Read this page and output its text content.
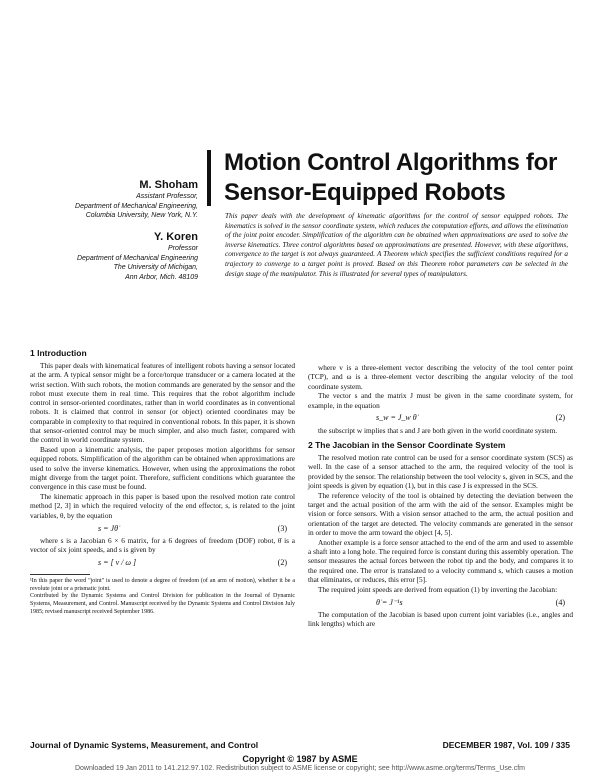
Motion Control Algorithms for
Sensor-Equipped Robots
M. Shoham
Assistant Professor,
Department of Mechanical Engineering,
Columbia University, New York, N.Y.
Y. Koren
Professor
Department of Mechanical Engineering
The University of Michigan,
Ann Arbor, Mich. 48109
This paper deals with the development of kinematic algorithms for the control of sensor equipped robots. The kinematics is solved in the sensor coordinate system, which reduces the computation efforts, and allows the elimination of the joint point encoder. Simplification of the algorithm can be obtained when approximations are used to solve the inverse kinematics. Three control algorithms based on approximations are presented. However, with these algorithms, convergence to the target is not always guaranteed. A Theorem which specifies the sufficient conditions required for a trajectory to converge to a target point is proved. Based on this Theorem robot parameters can be selected in the design stage of the manipulator. This is illustrated for several types of manipulators.
1 Introduction

This paper deals with kinematical features of intelligent robots having a sensor located at the arm. A typical sensor might be a force/torque transducer or a camera located at the wrist section. With such robots, the motion commands are generated by the sensor and the robot must execute them in real time. This requires that the robot algorithm include control in sensor-oriented coordinates, rather than in world coordinates as in conventional robots. It is claimed that control in sensor (or object) oriented coordinates may be comparable in complexity to that required in conventional robots. In this paper, it is shown that sensor-oriented control may be much simpler, and also much faster, compared with the control in world coordinate system.

Based upon a kinematic analysis, the paper proposes motion algorithms for sensor equipped robots. Simplification of the algorithm can be obtained when approximations are used to solve the inverse kinematics. However, when using the approximations the robot might diverge from the target point. Therefore, sufficient conditions which guarantee the convergence in this case must be found.

The kinematic approach in this paper is based upon the resolved motion rate control method [2, 3] in which the required velocity of the end effector, s, is related to the joint variables, θ, by the equation

s = Jθ̇	(3)

where s is a Jacobian 6 × 6 matrix, for a 6 degrees of freedom (DOF) robot, θ̇ is a vector of six joint speeds, and s is given by

s = [ v / ω ]	(2)
¹In this paper the word "joint" is used to denote a degree of freedom (of an arm of motion), whether it be a revolute joint or a prismatic joint.
Contributed by the Dynamic Systems and Control Division for publication in the Journal of Dynamic Systems, Measurement, and Control. Manuscript received by the Dynamic Systems and Control Division July 1985; revised manuscript received September 1986.

where v is a three-element vector describing the velocity of the tool center point (TCP), and ω is a three-element vector describing the angular velocity of the tool coordinate system.

The vector s and the matrix J must be given in the same coordinate system, for example, in the equation

s_w = J_w θ̇	(2)

the subscript w implies that s and J are both given in the world coordinate system.

2 The Jacobian in the Sensor Coordinate System

The resolved motion rate control can be used for a sensor coordinate system (SCS) as well. In the case of a sensor attached to the arm, the required velocity of the tool is provided by the sensor. The relationship between the tool velocity s, given in SCS, and the joint speeds is given by equation (1), but in this case J is expressed in the SCS.

The reference velocity of the tool is obtained by detecting the deviation between the target and the actual position of the arm with the aid of the sensor. Examples might be vision or force sensors. With a vision sensor attached to the arm, the actual position and orientation of the target are detected. The velocity commands are generated in the sensor in order to move the arm toward the object [4, 5].

Another example is a force sensor attached to the end of the arm and used to assemble a shaft into a long hole. The required force is constant during this assembly operation. The sensor measures the actual forces between the robot tip and the body, and compares it to the required one. The error is translated to a velocity command s, which causes a motion that eliminates, or reduces, this error [5].

The required joint speeds are derived from equation (1) by inverting the Jacobian:

θ̇ = J⁻¹s	(4)

The computation of the Jacobian is based upon current joint variables (i.e., angles and link lengths) which are

Journal of Dynamic Systems, Measurement, and Control	DECEMBER 1987, Vol. 109 / 335
Copyright © 1987 by ASME
Downloaded 19 Jan 2011 to 141.212.97.102. Redistribution subject to ASME license or copyright; see http://www.asme.org/terms/Terms_Use.cfm
